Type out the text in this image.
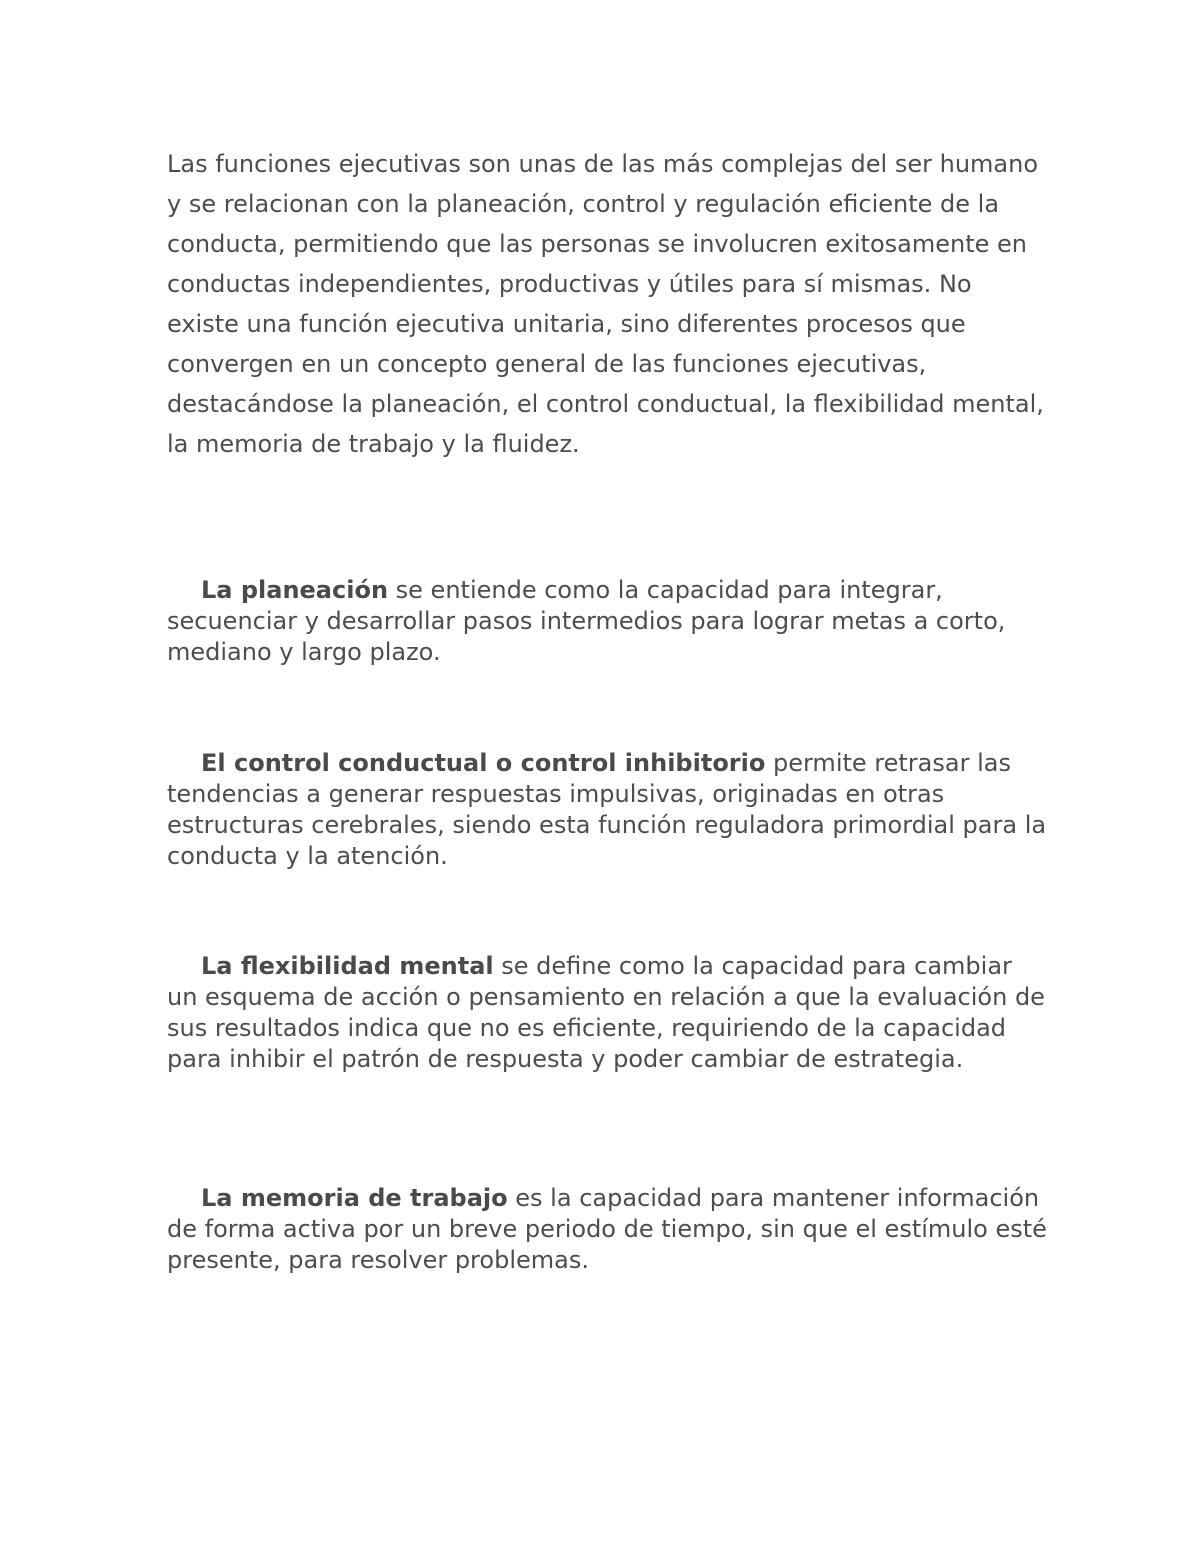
Las funciones ejecutivas son unas de las más complejas del ser humano y se relacionan con la planeación, control y regulación eficiente de la conducta, permitiendo que las personas se involucren exitosamente en conductas independientes, productivas y útiles para sí mismas. No existe una función ejecutiva unitaria, sino diferentes procesos que convergen en un concepto general de las funciones ejecutivas, destacándose la planeación, el control conductual, la flexibilidad mental, la memoria de trabajo y la fluidez.

La planeación se entiende como la capacidad para integrar, secuenciar y desarrollar pasos intermedios para lograr metas a corto, mediano y largo plazo.

El control conductual o control inhibitorio permite retrasar las tendencias a generar respuestas impulsivas, originadas en otras estructuras cerebrales, siendo esta función reguladora primordial para la conducta y la atención.

La flexibilidad mental se define como la capacidad para cambiar un esquema de acción o pensamiento en relación a que la evaluación de sus resultados indica que no es eficiente, requiriendo de la capacidad para inhibir el patrón de respuesta y poder cambiar de estrategia.

La memoria de trabajo es la capacidad para mantener información de forma activa por un breve periodo de tiempo, sin que el estímulo esté presente, para resolver problemas.
